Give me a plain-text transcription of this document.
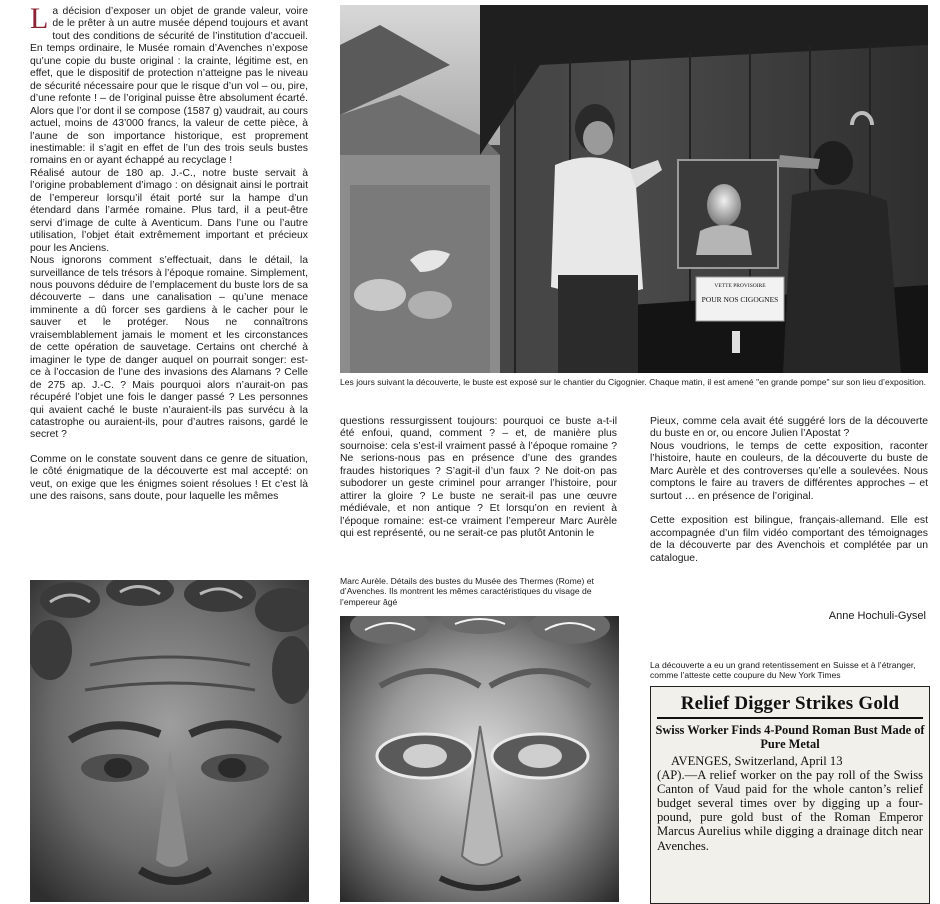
L a décision d’exposer un objet de grande valeur, voire de le prêter à un autre musée dépend toujours et avant tout des conditions de sécurité de l’institution d’accueil. En temps ordinaire, le Musée romain d’Avenches n’expose qu’une copie du buste original : la crainte, légitime est, en effet, que le dispositif de protection n’atteigne pas le niveau de sécurité nécessaire pour que le risque d’un vol – ou, pire, d’une refonte ! – de l’original puisse être absolument écarté. Alors que l’or dont il se compose (1587 g) vaudrait, au cours actuel, moins de 43’000 francs, la valeur de cette pièce, à l’aune de son importance historique, est proprement inestimable: il s’agit en effet de l’un des trois seuls bustes romains en or ayant échappé au recyclage !

Réalisé autour de 180 ap. J.-C., notre buste servait à l’origine probablement d’imago : on désignait ainsi le portrait de l’empereur lorsqu’il était porté sur la hampe d’un étendard dans l’armée romaine. Plus tard, il a peut-être servi d’image de culte à Aventicum. Dans l’une ou l’autre utilisation, l’objet était extrêmement important et précieux pour les Anciens.

Nous ignorons comment s’effectuait, dans le détail, la surveillance de tels trésors à l’époque romaine. Simplement, nous pouvons déduire de l’emplacement du buste lors de sa découverte – dans une canalisation – qu’une menace imminente a dû forcer ses gardiens à le cacher pour le sauver et le protéger. Nous ne connaîtrons vraisemblablement jamais le moment et les circonstances de cette opération de sauvetage. Certains ont cherché à imaginer le type de danger auquel on pourrait songer: est-ce à l’occasion de l’une des invasions des Alamans ? Celle de 275 ap. J.-C. ? Mais pourquoi alors n’aurait-on pas récupéré l’objet une fois le danger passé ? Les personnes qui avaient caché le buste n’auraient-ils pas survécu à la catastrophe ou auraient-ils, pour d’autres raisons, gardé le secret ?

Comme on le constate souvent dans ce genre de situation, le côté énigmatique de la découverte est mal accepté: on veut, on exige que les énigmes soient résolues ! Et c’est là une des raisons, sans doute, pour laquelle les mêmes

VETTE PROVISOIRE
POUR NOS CIGOGNES
Les jours suivant la découverte, le buste est exposé sur le chantier du Cigognier. Chaque matin, il est amené "en grande pompe" sur son lieu d’exposition.

questions ressurgissent toujours: pourquoi ce buste a-t-il été enfoui, quand, comment ? – et, de manière plus sournoise: cela s’est-il vraiment passé à l’époque romaine ? Ne serions-nous pas en présence d’une des grandes fraudes historiques ? S’agit-il d’un faux ? Ne doit-on pas subodorer un geste criminel pour arranger l’histoire, pour attirer la gloire ? Le buste ne serait-il pas une œuvre médiévale, et non antique ? Et lorsqu’on en revient à l’époque romaine: est-ce vraiment l’empereur Marc Aurèle qui est représenté, ou ne serait-ce pas plutôt Antonin le

Pieux, comme cela avait été suggéré lors de la découverte du buste en or, ou encore Julien l’Apostat ?

Nous voudrions, le temps de cette exposition, raconter l’histoire, haute en couleurs, de la découverte du buste de Marc Aurèle et des controverses qu’elle a soulevées. Nous comptons le faire au travers de différentes approches – et surtout … en présence de l’original.

Cette exposition est bilingue, français-allemand. Elle est accompagnée d’un film vidéo comportant des témoignages de la découverte par des Avenchois et complétée par un catalogue.

Anne Hochuli-Gysel
Marc Aurèle. Détails des bustes du Musée des Thermes (Rome) et d’Avenches. Ils montrent les mêmes caractéristiques du visage de l’empereur âgé
La découverte a eu un grand retentissement en Suisse et à l’étranger, comme l’atteste cette coupure du New York Times
Relief Digger Strikes Gold
Swiss Worker Finds 4-Pound Roman Bust Made of Pure Metal
AVENGES, Switzerland, April 13
(AP).—A relief worker on the pay roll of the Swiss Canton of Vaud paid for the whole canton’s relief budget several times over by digging up a four-pound, pure gold bust of the Roman Emperor Marcus Aurelius while digging a drainage ditch near Avenches.
